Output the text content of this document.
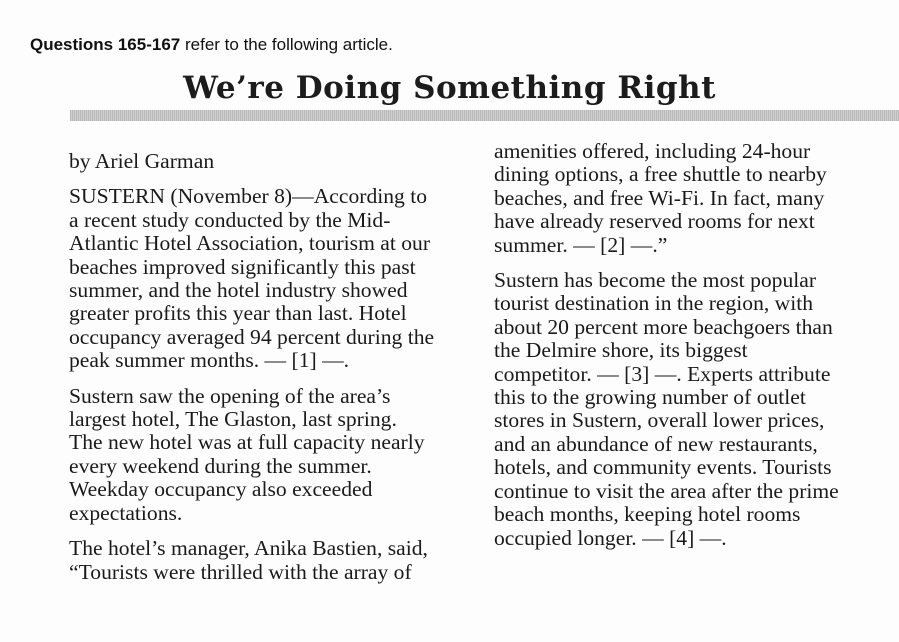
Questions 165-167 refer to the following article.
We’re Doing Something Right

by Ariel Garman

SUSTERN (November 8)—According to
a recent study conducted by the Mid-
Atlantic Hotel Association, tourism at our
beaches improved significantly this past
summer, and the hotel industry showed
greater profits this year than last. Hotel
occupancy averaged 94 percent during the
peak summer months. — [1] —.

Sustern saw the opening of the area’s
largest hotel, The Glaston, last spring.
The new hotel was at full capacity nearly
every weekend during the summer.
Weekday occupancy also exceeded
expectations.

The hotel’s manager, Anika Bastien, said,
“Tourists were thrilled with the array of

amenities offered, including 24-hour
dining options, a free shuttle to nearby
beaches, and free Wi-Fi. In fact, many
have already reserved rooms for next
summer. — [2] —.”

Sustern has become the most popular
tourist destination in the region, with
about 20 percent more beachgoers than
the Delmire shore, its biggest
competitor. — [3] —. Experts attribute
this to the growing number of outlet
stores in Sustern, overall lower prices,
and an abundance of new restaurants,
hotels, and community events. Tourists
continue to visit the area after the prime
beach months, keeping hotel rooms
occupied longer. — [4] —.
